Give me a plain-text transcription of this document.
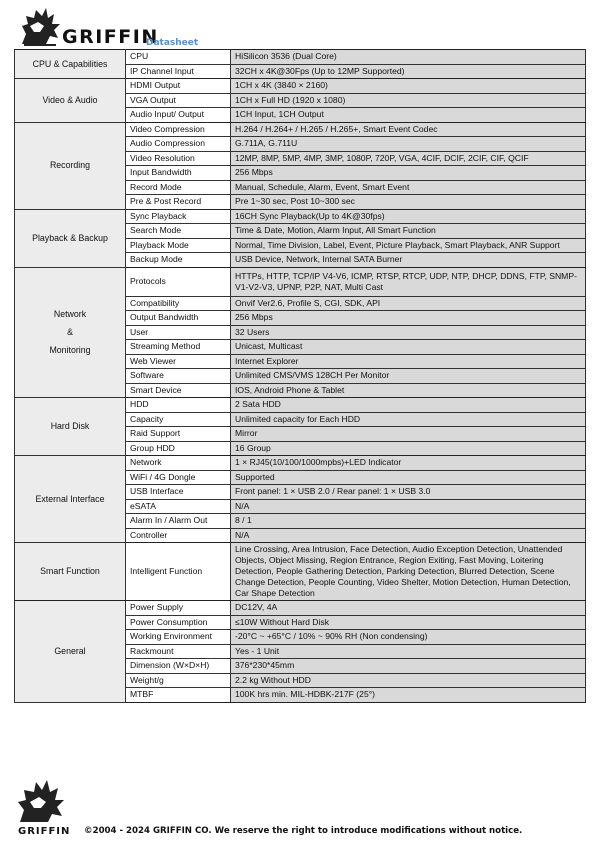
GRIFFIN
Datasheet
CPU & Capabilities	CPU	HiSilicon 3536 (Dual Core)
	IP Channel Input	32CH x 4K@30Fps (Up to 12MP Supported)
Video & Audio	HDMI Output	1CH x 4K (3840 × 2160)
	VGA Output	1CH x Full HD (1920 x 1080)
	Audio Input/ Output	1CH Input, 1CH Output
Recording	Video Compression	H.264 / H.264+ / H.265 / H.265+, Smart Event Codec
	Audio Compression	G.711A, G.711U
	Video Resolution	12MP, 8MP, 5MP, 4MP, 3MP, 1080P, 720P, VGA, 4CIF, DCIF, 2CIF, CIF, QCIF
	Input Bandwidth	256 Mbps
	Record Mode	Manual, Schedule, Alarm, Event, Smart Event
	Pre & Post Record	Pre 1~30 sec, Post 10~300 sec
Playback & Backup	Sync Playback	16CH Sync Playback(Up to 4K@30fps)
	Search Mode	Time & Date, Motion, Alarm Input, All Smart Function
	Playback Mode	Normal, Time Division, Label, Event, Picture Playback, Smart Playback, ANR Support
	Backup Mode	USB Device, Network, Internal SATA Burner
Network
&
Monitoring	Protocols	HTTPs, HTTP, TCP/IP V4-V6, ICMP, RTSP, RTCP, UDP, NTP, DHCP, DDNS, FTP, SNMP-V1-V2-V3, UPNP, P2P, NAT, Multi Cast
	Compatibility	Onvif Ver2.6, Profile S, CGI, SDK, API
	Output Bandwidth	256 Mbps
	User	32 Users
	Streaming Method	Unicast, Multicast
	Web Viewer	Internet Explorer
	Software	Unlimited CMS/VMS 128CH Per Monitor
	Smart Device	IOS, Android Phone & Tablet
Hard Disk	HDD	2 Sata HDD
	Capacity	Unlimited capacity for Each HDD
	Raid Support	Mirror
	Group HDD	16 Group
External Interface	Network	1 × RJ45(10/100/1000mpbs)+LED Indicator
	WiFi / 4G Dongle	Supported
	USB Interface	Front panel: 1 × USB 2.0 / Rear panel: 1 × USB 3.0
	eSATA	N/A
	Alarm In / Alarm Out	8 / 1
	Controller	N/A
Smart Function	Intelligent Function	Line Crossing, Area Intrusion, Face Detection, Audio Exception Detection, Unattended Objects, Object Missing, Region Entrance, Region Exiting, Fast Moving, Loitering Detection, People Gathering Detection, Parking Detection, Blurred Detection, Scene Change Detection, People Counting, Video Shelter, Motion Detection, Human Detection, Car Shape Detection
General	Power Supply	DC12V, 4A
	Power Consumption	≤10W Without Hard Disk
	Working Environment	-20°C ~ +65°C / 10% ~ 90% RH (Non condensing)
	Rackmount	Yes - 1 Unit
	Dimension (W×D×H)	376*230*45mm
	Weight/g	2.2 kg Without HDD
	MTBF	100K hrs min. MIL-HDBK-217F (25°)
GRIFFIN ©2004 - 2024 GRIFFIN CO. We reserve the right to introduce modifications without notice.
